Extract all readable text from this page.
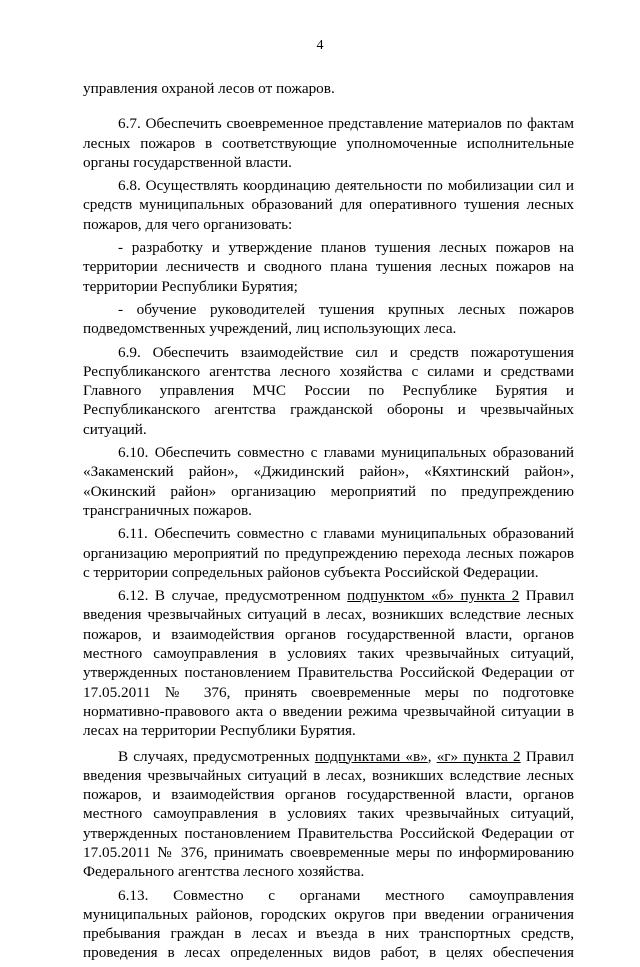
4

управления охраной лесов от пожаров.

6.7. Обеспечить своевременное представление материалов по фактам лесных пожаров в соответствующие уполномоченные исполнительные органы государственной власти.

6.8. Осуществлять координацию деятельности по мобилизации сил и средств муниципальных образований для оперативного тушения лесных пожаров, для чего организовать:

- разработку и утверждение планов тушения лесных пожаров на территории лесничеств и сводного плана тушения лесных пожаров на территории Республики Бурятия;

- обучение руководителей тушения крупных лесных пожаров подведомственных учреждений, лиц использующих леса.

6.9. Обеспечить взаимодействие сил и средств пожаротушения Республиканского агентства лесного хозяйства с силами и средствами Главного управления МЧС России по Республике Бурятия и Республиканского агентства гражданской обороны и чрезвычайных ситуаций.

6.10. Обеспечить совместно с главами муниципальных образований «Закаменский район», «Джидинский район», «Кяхтинский район», «Окинский район» организацию мероприятий по предупреждению трансграничных пожаров.

6.11. Обеспечить совместно с главами муниципальных образований организацию мероприятий по предупреждению перехода лесных пожаров с территории сопредельных районов субъекта Российской Федерации.

6.12. В случае, предусмотренном подпунктом «б» пункта 2 Правил введения чрезвычайных ситуаций в лесах, возникших вследствие лесных пожаров, и взаимодействия органов государственной власти, органов местного самоуправления в условиях таких чрезвычайных ситуаций, утвержденных постановлением Правительства Российской Федерации от 17.05.2011 № 376, принять своевременные меры по подготовке нормативно-правового акта о введении режима чрезвычайной ситуации в лесах на территории Республики Бурятия.

В случаях, предусмотренных подпунктами «в», «г» пункта 2 Правил введения чрезвычайных ситуаций в лесах, возникших вследствие лесных пожаров, и взаимодействия органов государственной власти, органов местного самоуправления в условиях таких чрезвычайных ситуаций, утвержденных постановлением Правительства Российской Федерации от 17.05.2011 № 376, принимать своевременные меры по информированию Федерального агентства лесного хозяйства.

6.13. Совместно с органами местного самоуправления муниципальных районов, городских округов при введении ограничения пребывания граждан в лесах и въезда в них транспортных средств, проведения в лесах определенных видов работ, в целях обеспечения
